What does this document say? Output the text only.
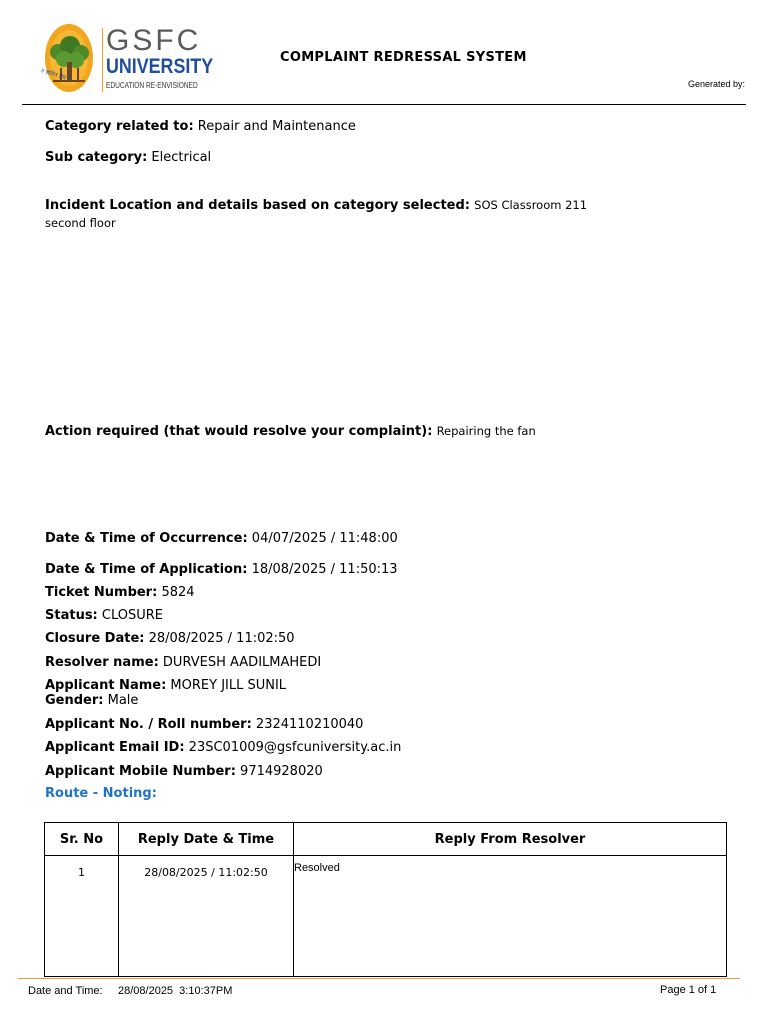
॥ ज्ञानेन ज्ञेयं ॥
GSFC
UNIVERSITY
EDUCATION RE-ENVISIONED
COMPLAINT REDRESSAL SYSTEM
Generated by:
Category related to: Repair and Maintenance
Sub category: Electrical
Incident Location and details based on category selected: SOS Classroom 211
second floor
Action required (that would resolve your complaint): Repairing the fan
Date & Time of Occurrence: 04/07/2025 / 11:48:00
Date & Time of Application: 18/08/2025 / 11:50:13
Ticket Number: 5824
Status: CLOSURE
Closure Date: 28/08/2025 / 11:02:50
Resolver name: DURVESH AADILMAHEDI
Applicant Name: MOREY JILL SUNIL
Gender: Male
Applicant No. / Roll number: 2324110210040
Applicant Email ID: 23SC01009@gsfcuniversity.ac.in
Applicant Mobile Number: 9714928020
Route - Noting:
Sr. No	Reply Date & Time	Reply From Resolver
1	28/08/2025 / 11:02:50	Resolved
Date and Time: 28/08/2025  3:10:37PM	Page 1 of 1
